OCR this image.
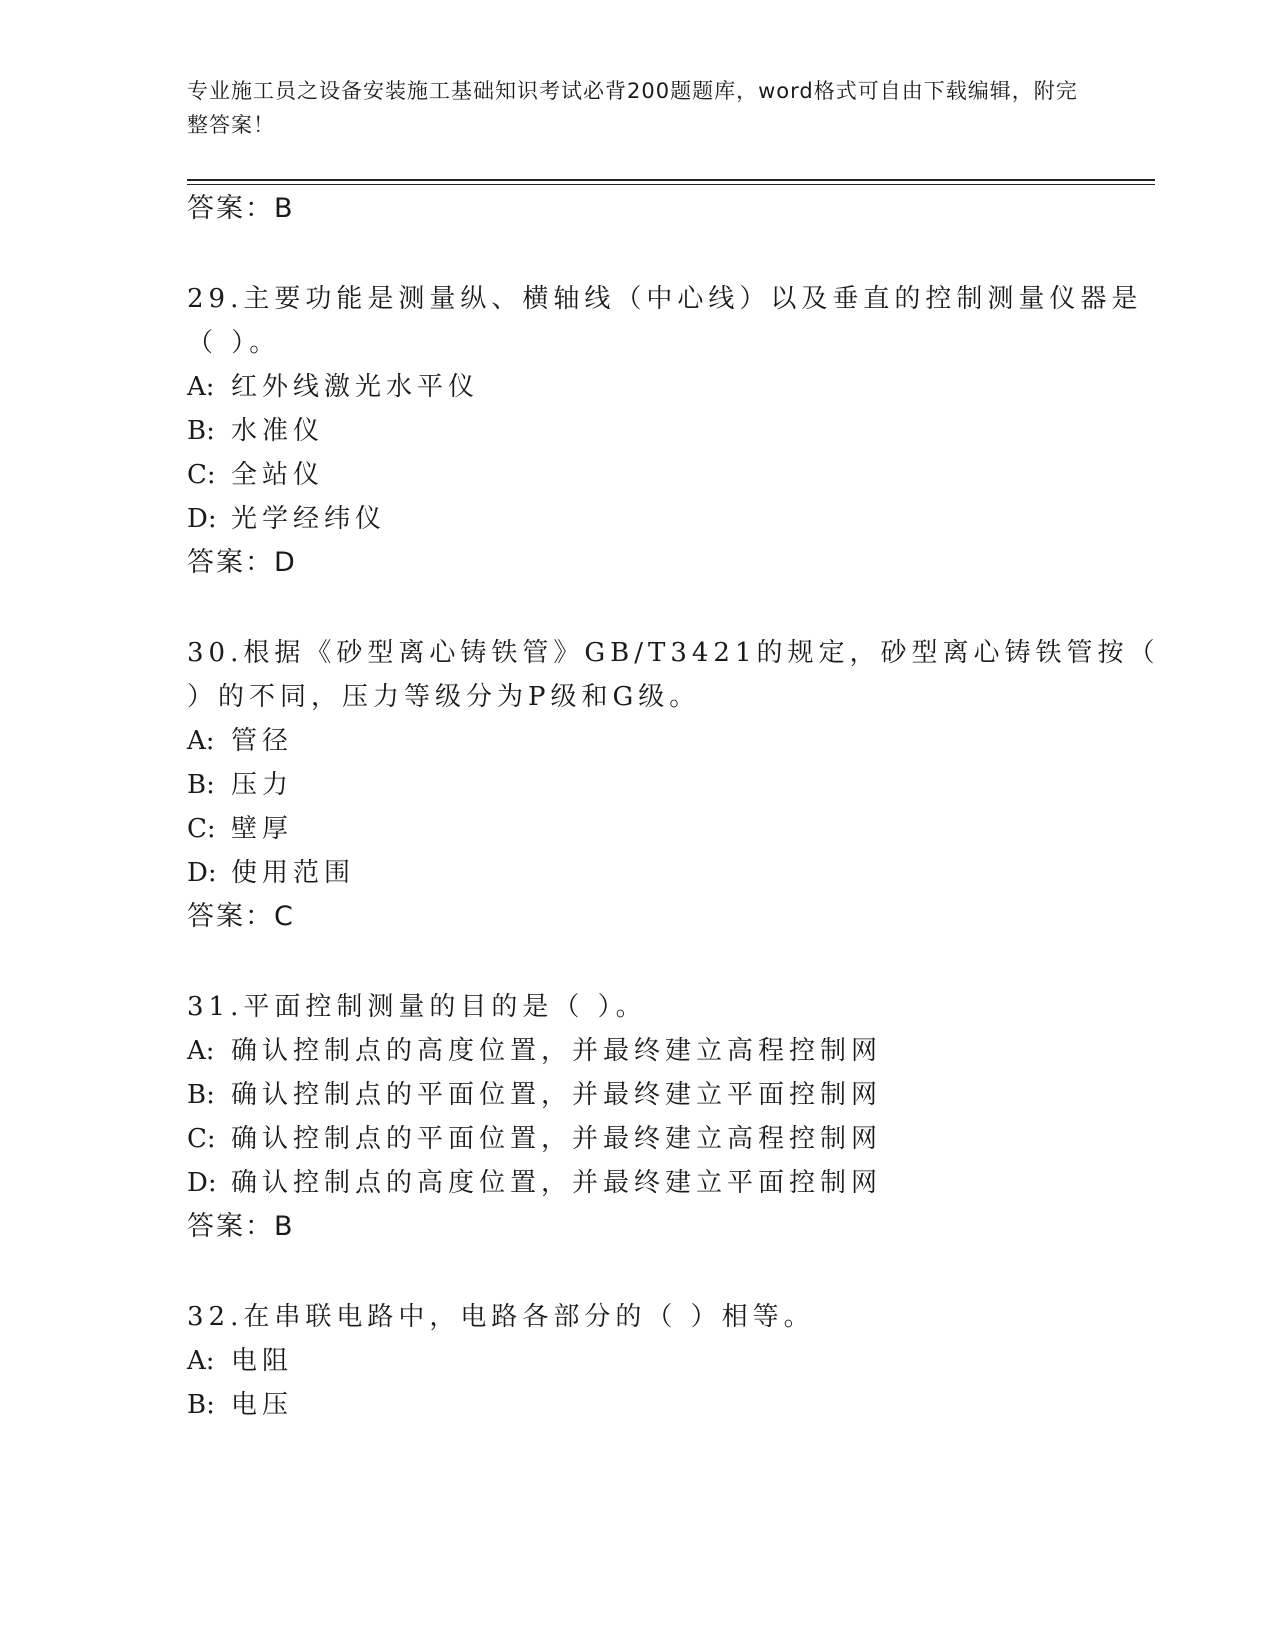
专业施工员之设备安装施工基础知识考试必背200题题库，word格式可自由下载编辑，附完整答案！
答案：B
29.主要功能是测量纵、横轴线（中心线）以及垂直的控制测量仪器是
（ ）。
A: 红外线激光水平仪
B: 水准仪
C: 全站仪
D: 光学经纬仪
答案：D
30.根据《砂型离心铸铁管》GB/T3421的规定，砂型离心铸铁管按（
）的不同，压力等级分为P级和G级。
A: 管径
B: 压力
C: 壁厚
D: 使用范围
答案：C
31.平面控制测量的目的是（ ）。
A: 确认控制点的高度位置，并最终建立高程控制网
B: 确认控制点的平面位置，并最终建立平面控制网
C: 确认控制点的平面位置，并最终建立高程控制网
D: 确认控制点的高度位置，并最终建立平面控制网
答案：B
32.在串联电路中，电路各部分的（ ）相等。
A: 电阻
B: 电压
